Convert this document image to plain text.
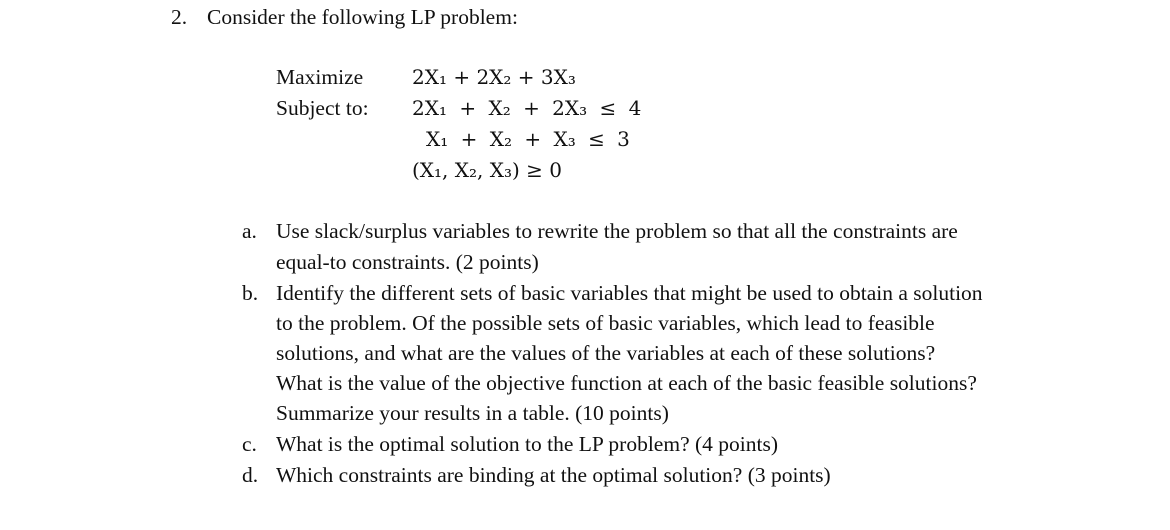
2. Consider the following LP problem:
Maximize
Subject to:
2X₁ + 2X₂ + 3X₃
2X₁ + X₂ + 2X₃ ≤ 4
X₁ + X₂ + X₃ ≤ 3
(X₁, X₂, X₃) ≥ 0
a. Use slack/surplus variables to rewrite the problem so that all the constraints are
equal-to constraints. (2 points)
b. Identify the different sets of basic variables that might be used to obtain a solution
to the problem. Of the possible sets of basic variables, which lead to feasible
solutions, and what are the values of the variables at each of these solutions?
What is the value of the objective function at each of the basic feasible solutions?
Summarize your results in a table. (10 points)
c. What is the optimal solution to the LP problem? (4 points)
d. Which constraints are binding at the optimal solution? (3 points)
